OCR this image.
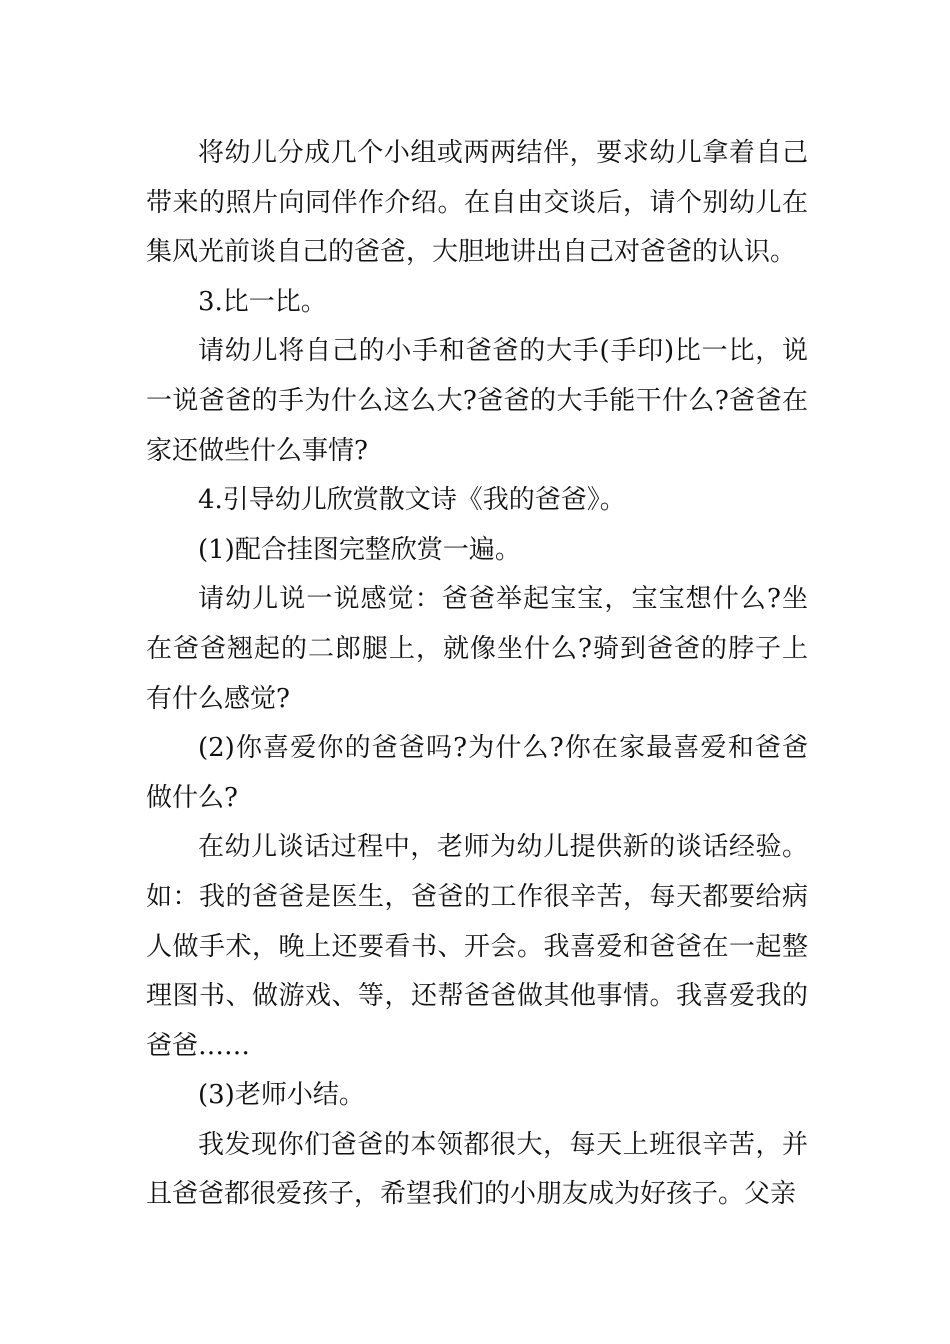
将幼儿分成几个小组或两两结伴，要求幼儿拿着自己带来的照片向同伴作介绍。在自由交谈后，请个别幼儿在集风光前谈自己的爸爸，大胆地讲出自己对爸爸的认识。

3.比一比。

请幼儿将自己的小手和爸爸的大手(手印)比一比，说一说爸爸的手为什么这么大?爸爸的大手能干什么?爸爸在家还做些什么事情?

4.引导幼儿欣赏散文诗《我的爸爸》。

(1)配合挂图完整欣赏一遍。

请幼儿说一说感觉：爸爸举起宝宝，宝宝想什么?坐在爸爸翘起的二郎腿上，就像坐什么?骑到爸爸的脖子上有什么感觉?

(2)你喜爱你的爸爸吗?为什么?你在家最喜爱和爸爸做什么?

在幼儿谈话过程中，老师为幼儿提供新的谈话经验。如：我的爸爸是医生，爸爸的工作很辛苦，每天都要给病人做手术，晚上还要看书、开会。我喜爱和爸爸在一起整理图书、做游戏、等，还帮爸爸做其他事情。我喜爱我的爸爸……

(3)老师小结。

我发现你们爸爸的本领都很大，每天上班很辛苦，并且爸爸都很爱孩子，希望我们的小朋友成为好孩子。父亲
